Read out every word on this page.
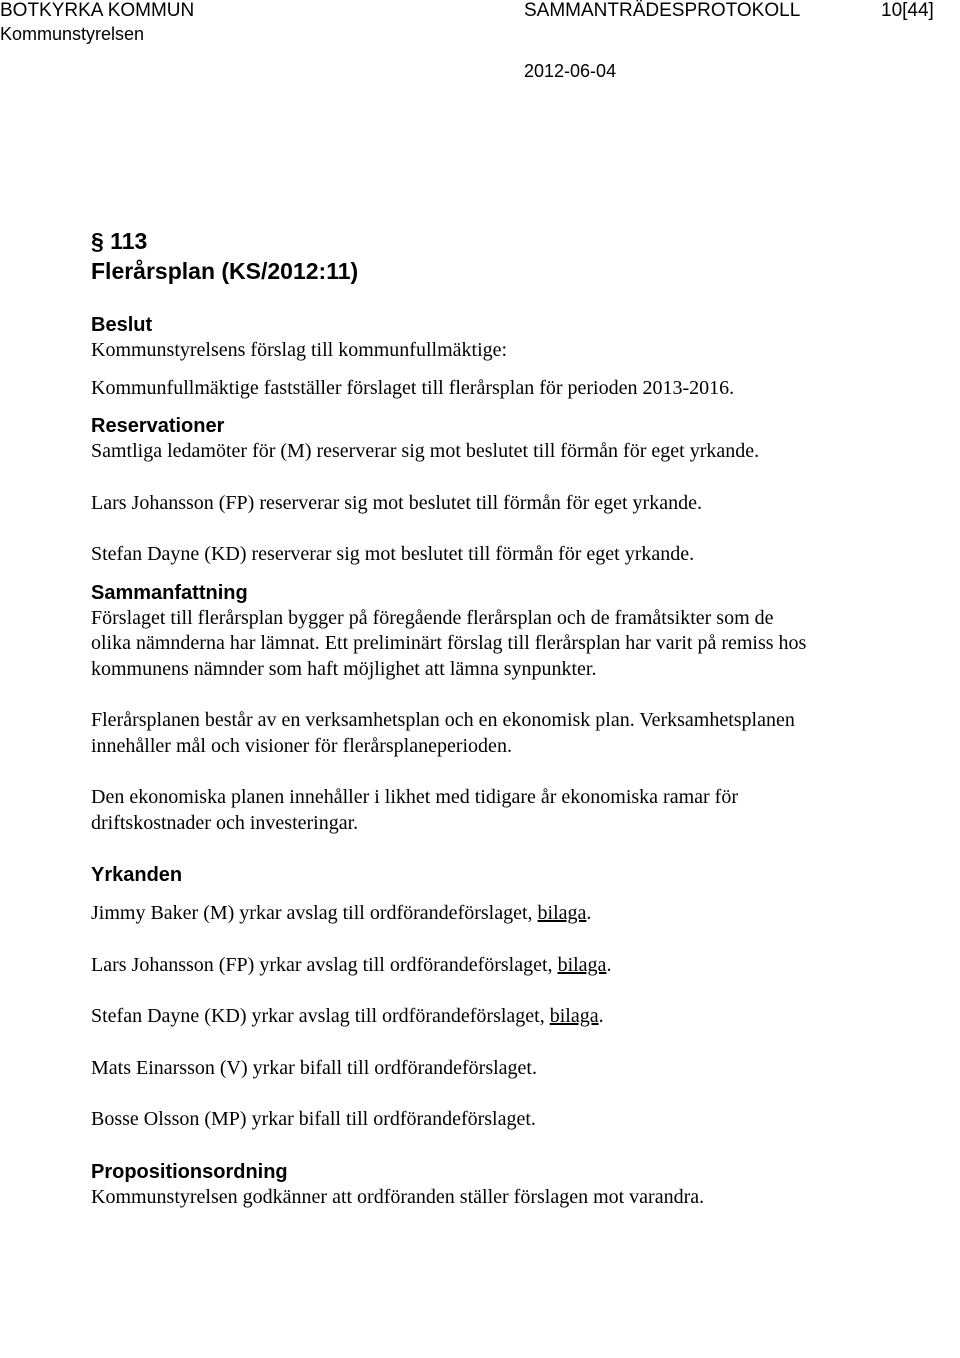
BOTKYRKA KOMMUN
Kommunstyrelsen
SAMMANTRÄDESPROTOKOLL	10[44]
2012-06-04

§ 113

Flerårsplan (KS/2012:11)

Beslut

Kommunstyrelsens förslag till kommunfullmäktige:

Kommunfullmäktige fastställer förslaget till flerårsplan för perioden 2013-2016.

Reservationer

Samtliga ledamöter för (M) reserverar sig mot beslutet till förmån för eget yrkande.

Lars Johansson (FP) reserverar sig mot beslutet till förmån för eget yrkande.

Stefan Dayne (KD) reserverar sig mot beslutet till förmån för eget yrkande.

Sammanfattning

Förslaget till flerårsplan bygger på föregående flerårsplan och de framåtsikter som de olika nämnderna har lämnat. Ett preliminärt förslag till flerårsplan har varit på remiss hos kommunens nämnder som haft möjlighet att lämna synpunkter.

Flerårsplanen består av en verksamhetsplan och en ekonomisk plan. Verksamhetsplanen innehåller mål och visioner för flerårsplaneperioden.

Den ekonomiska planen innehåller i likhet med tidigare år ekonomiska ramar för driftskostnader och investeringar.

Yrkanden

Jimmy Baker (M) yrkar avslag till ordförandeförslaget, bilaga.

Lars Johansson (FP) yrkar avslag till ordförandeförslaget, bilaga.

Stefan Dayne (KD) yrkar avslag till ordförandeförslaget, bilaga.

Mats Einarsson (V) yrkar bifall till ordförandeförslaget.

Bosse Olsson (MP) yrkar bifall till ordförandeförslaget.

Propositionsordning

Kommunstyrelsen godkänner att ordföranden ställer förslagen mot varandra.
